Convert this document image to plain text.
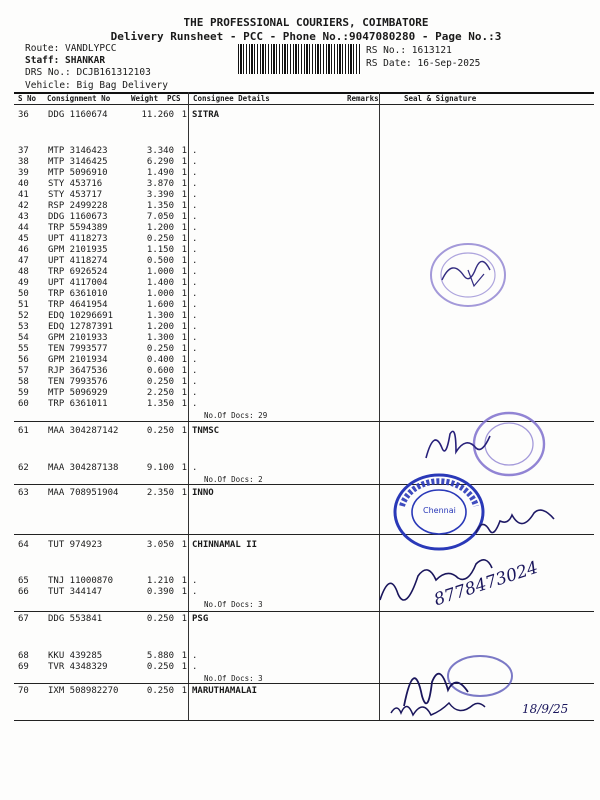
THE PROFESSIONAL COURIERS, COIMBATORE
Delivery Runsheet - PCC - Phone No.:9047080280 - Page No.:3
Route: VANDLYPCC
Staff: SHANKAR
DRS No.: DCJB161312103
Vehicle: Big Bag Delivery
RS No.: 1613121
RS Date: 16-Sep-2025
S No Consignment No	Weight PCS Consignee Details	Remarks	Seal & Signature
36	DDG 1160674	11.260 1 SITRA
37	MTP 3146423	3.340 1 .
38	MTP 3146425	6.290 1 .
39	MTP 5096910	1.490 1 .
40	STY 453716	3.870 1 .
41	STY 453717	3.390 1 .
42	RSP 2499228	1.350 1 .
43	DDG 1160673	7.050 1 .
44	TRP 5594389	1.200 1 .
45	UPT 4118273	0.250 1 .
46	GPM 2101935	1.150 1 .
47	UPT 4118274	0.500 1 .
48	TRP 6926524	1.000 1 .
49	UPT 4117004	1.400 1 .
50	TRP 6361010	1.000 1 .
51	TRP 4641954	1.600 1 .
52	EDQ 10296691	1.300 1 .
53	EDQ 12787391	1.200 1 .
54	GPM 2101933	1.300 1 .
55	TEN 7993577	0.250 1 .
56	GPM 2101934	0.400 1 .
57	RJP 3647536	0.600 1 .
58	TEN 7993576	0.250 1 .
59	MTP 5096929	2.250 1 .
60	TRP 6361011	1.350 1 .
No.Of Docs: 29
61	MAA 304287142	0.250 1 TNMSC
62	MAA 304287138	9.100 1 .
No.Of Docs: 2
63	MAA 708951904	2.350 1 INNO
64	TUT 974923	3.050 1 CHINNAMAL II
65	TNJ 11000870	1.210 1 .
66	TUT 344147	0.390 1 .
No.Of Docs: 3
67	DDG 553841	0.250 1 PSG
68	KKU 439285	5.880 1 .
69	TVR 4348329	0.250 1 .
No.Of Docs: 3
70	IXM 508982270	0.250 1 MARUTHAMALAI
Chennai
8778473024
18/9/25
